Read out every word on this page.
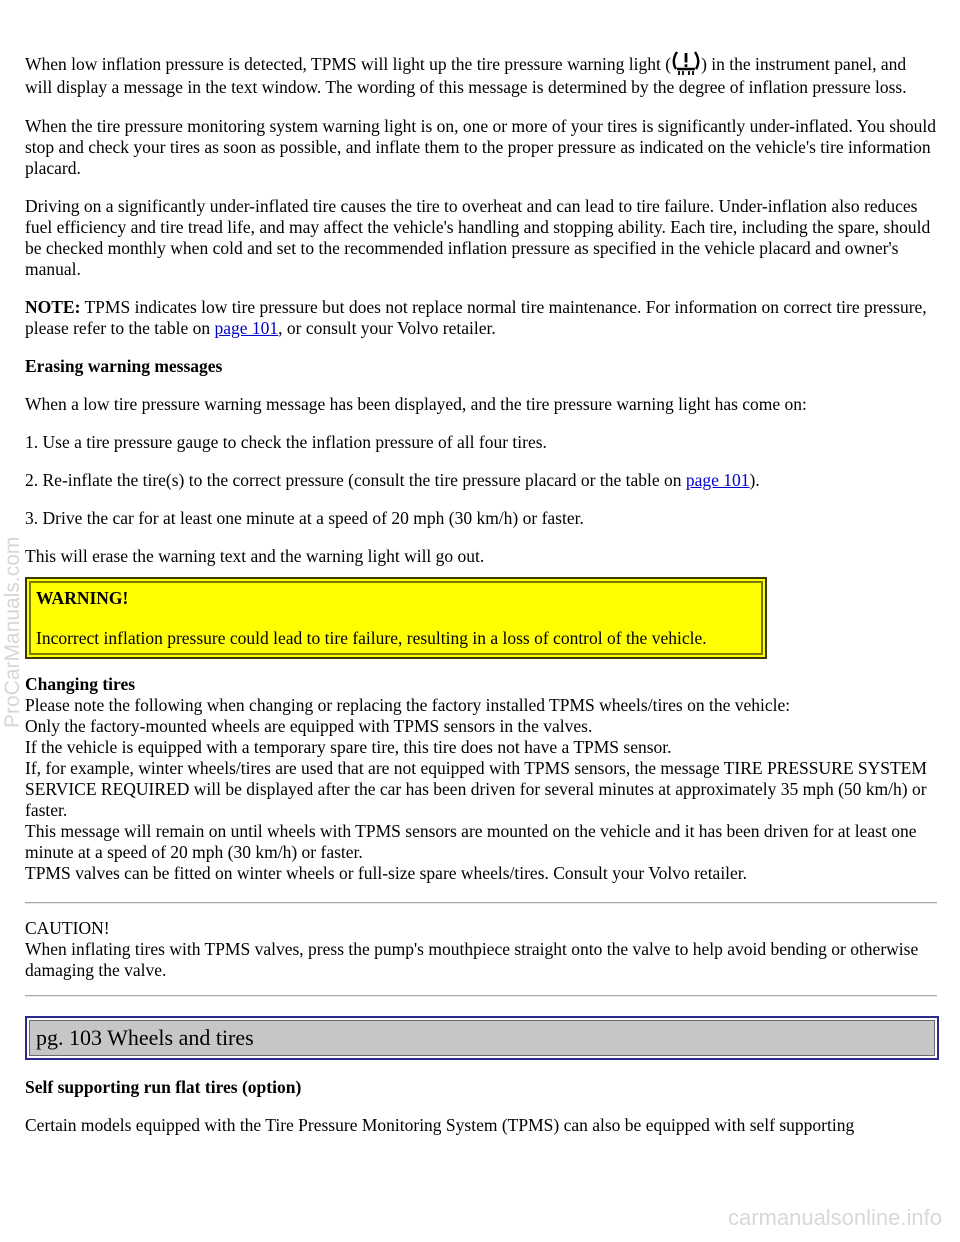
When low inflation pressure is detected, TPMS will light up the tire pressure warning light ( ) in the instrument panel, and will display a message in the text window. The wording of this message is determined by the degree of inflation pressure loss.

When the tire pressure monitoring system warning light is on, one or more of your tires is significantly under-inflated. You should stop and check your tires as soon as possible, and inflate them to the proper pressure as indicated on the vehicle's tire information placard.

Driving on a significantly under-inflated tire causes the tire to overheat and can lead to tire failure. Under-inflation also reduces fuel efficiency and tire tread life, and may affect the vehicle's handling and stopping ability. Each tire, including the spare, should be checked monthly when cold and set to the recommended inflation pressure as specified in the vehicle placard and owner's manual.

NOTE: TPMS indicates low tire pressure but does not replace normal tire maintenance. For information on correct tire pressure, please refer to the table on page 101, or consult your Volvo retailer.

Erasing warning messages

When a low tire pressure warning message has been displayed, and the tire pressure warning light has come on:

1. Use a tire pressure gauge to check the inflation pressure of all four tires.

2. Re-inflate the tire(s) to the correct pressure (consult the tire pressure placard or the table on page 101).

3. Drive the car for at least one minute at a speed of 20 mph (30 km/h) or faster.

This will erase the warning text and the warning light will go out.

WARNING!

Incorrect inflation pressure could lead to tire failure, resulting in a loss of control of the vehicle.

Changing tires

Please note the following when changing or replacing the factory installed TPMS wheels/tires on the vehicle:

Only the factory-mounted wheels are equipped with TPMS sensors in the valves.

If the vehicle is equipped with a temporary spare tire, this tire does not have a TPMS sensor.

If, for example, winter wheels/tires are used that are not equipped with TPMS sensors, the message TIRE PRESSURE SYSTEM SERVICE REQUIRED will be displayed after the car has been driven for several minutes at approximately 35 mph (50 km/h) or faster.

This message will remain on until wheels with TPMS sensors are mounted on the vehicle and it has been driven for at least one minute at a speed of 20 mph (30 km/h) or faster.

TPMS valves can be fitted on winter wheels or full-size spare wheels/tires. Consult your Volvo retailer.

CAUTION!

When inflating tires with TPMS valves, press the pump's mouthpiece straight onto the valve to help avoid bending or otherwise damaging the valve.

pg. 103 Wheels and tires

Self supporting run flat tires (option)

Certain models equipped with the Tire Pressure Monitoring System (TPMS) can also be equipped with self supporting

ProCarManuals.com
carmanualsonline.info
